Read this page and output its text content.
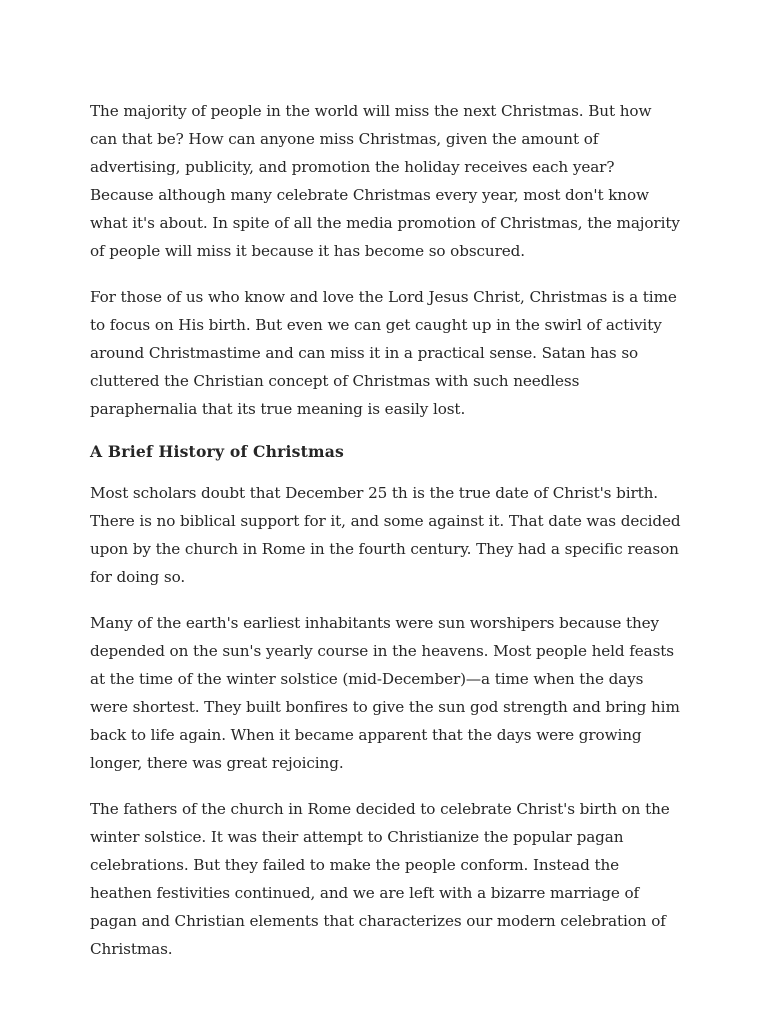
The majority of people in the world will miss the next Christmas. But how can that be? How can anyone miss Christmas, given the amount of advertising, publicity, and promotion the holiday receives each year? Because although many celebrate Christmas every year, most don't know what it's about. In spite of all the media promotion of Christmas, the majority of people will miss it because it has become so obscured.

For those of us who know and love the Lord Jesus Christ, Christmas is a time to focus on His birth. But even we can get caught up in the swirl of activity around Christmastime and can miss it in a practical sense. Satan has so cluttered the Christian concept of Christmas with such needless paraphernalia that its true meaning is easily lost.

A Brief History of Christmas

Most scholars doubt that December 25 th is the true date of Christ's birth. There is no biblical support for it, and some against it. That date was decided upon by the church in Rome in the fourth century. They had a specific reason for doing so.

Many of the earth's earliest inhabitants were sun worshipers because they depended on the sun's yearly course in the heavens. Most people held feasts at the time of the winter solstice (mid-December)—a time when the days were shortest. They built bonfires to give the sun god strength and bring him back to life again. When it became apparent that the days were growing longer, there was great rejoicing.

The fathers of the church in Rome decided to celebrate Christ's birth on the winter solstice. It was their attempt to Christianize the popular pagan celebrations. But they failed to make the people conform. Instead the heathen festivities continued, and we are left with a bizarre marriage of pagan and Christian elements that characterizes our modern celebration of Christmas.
